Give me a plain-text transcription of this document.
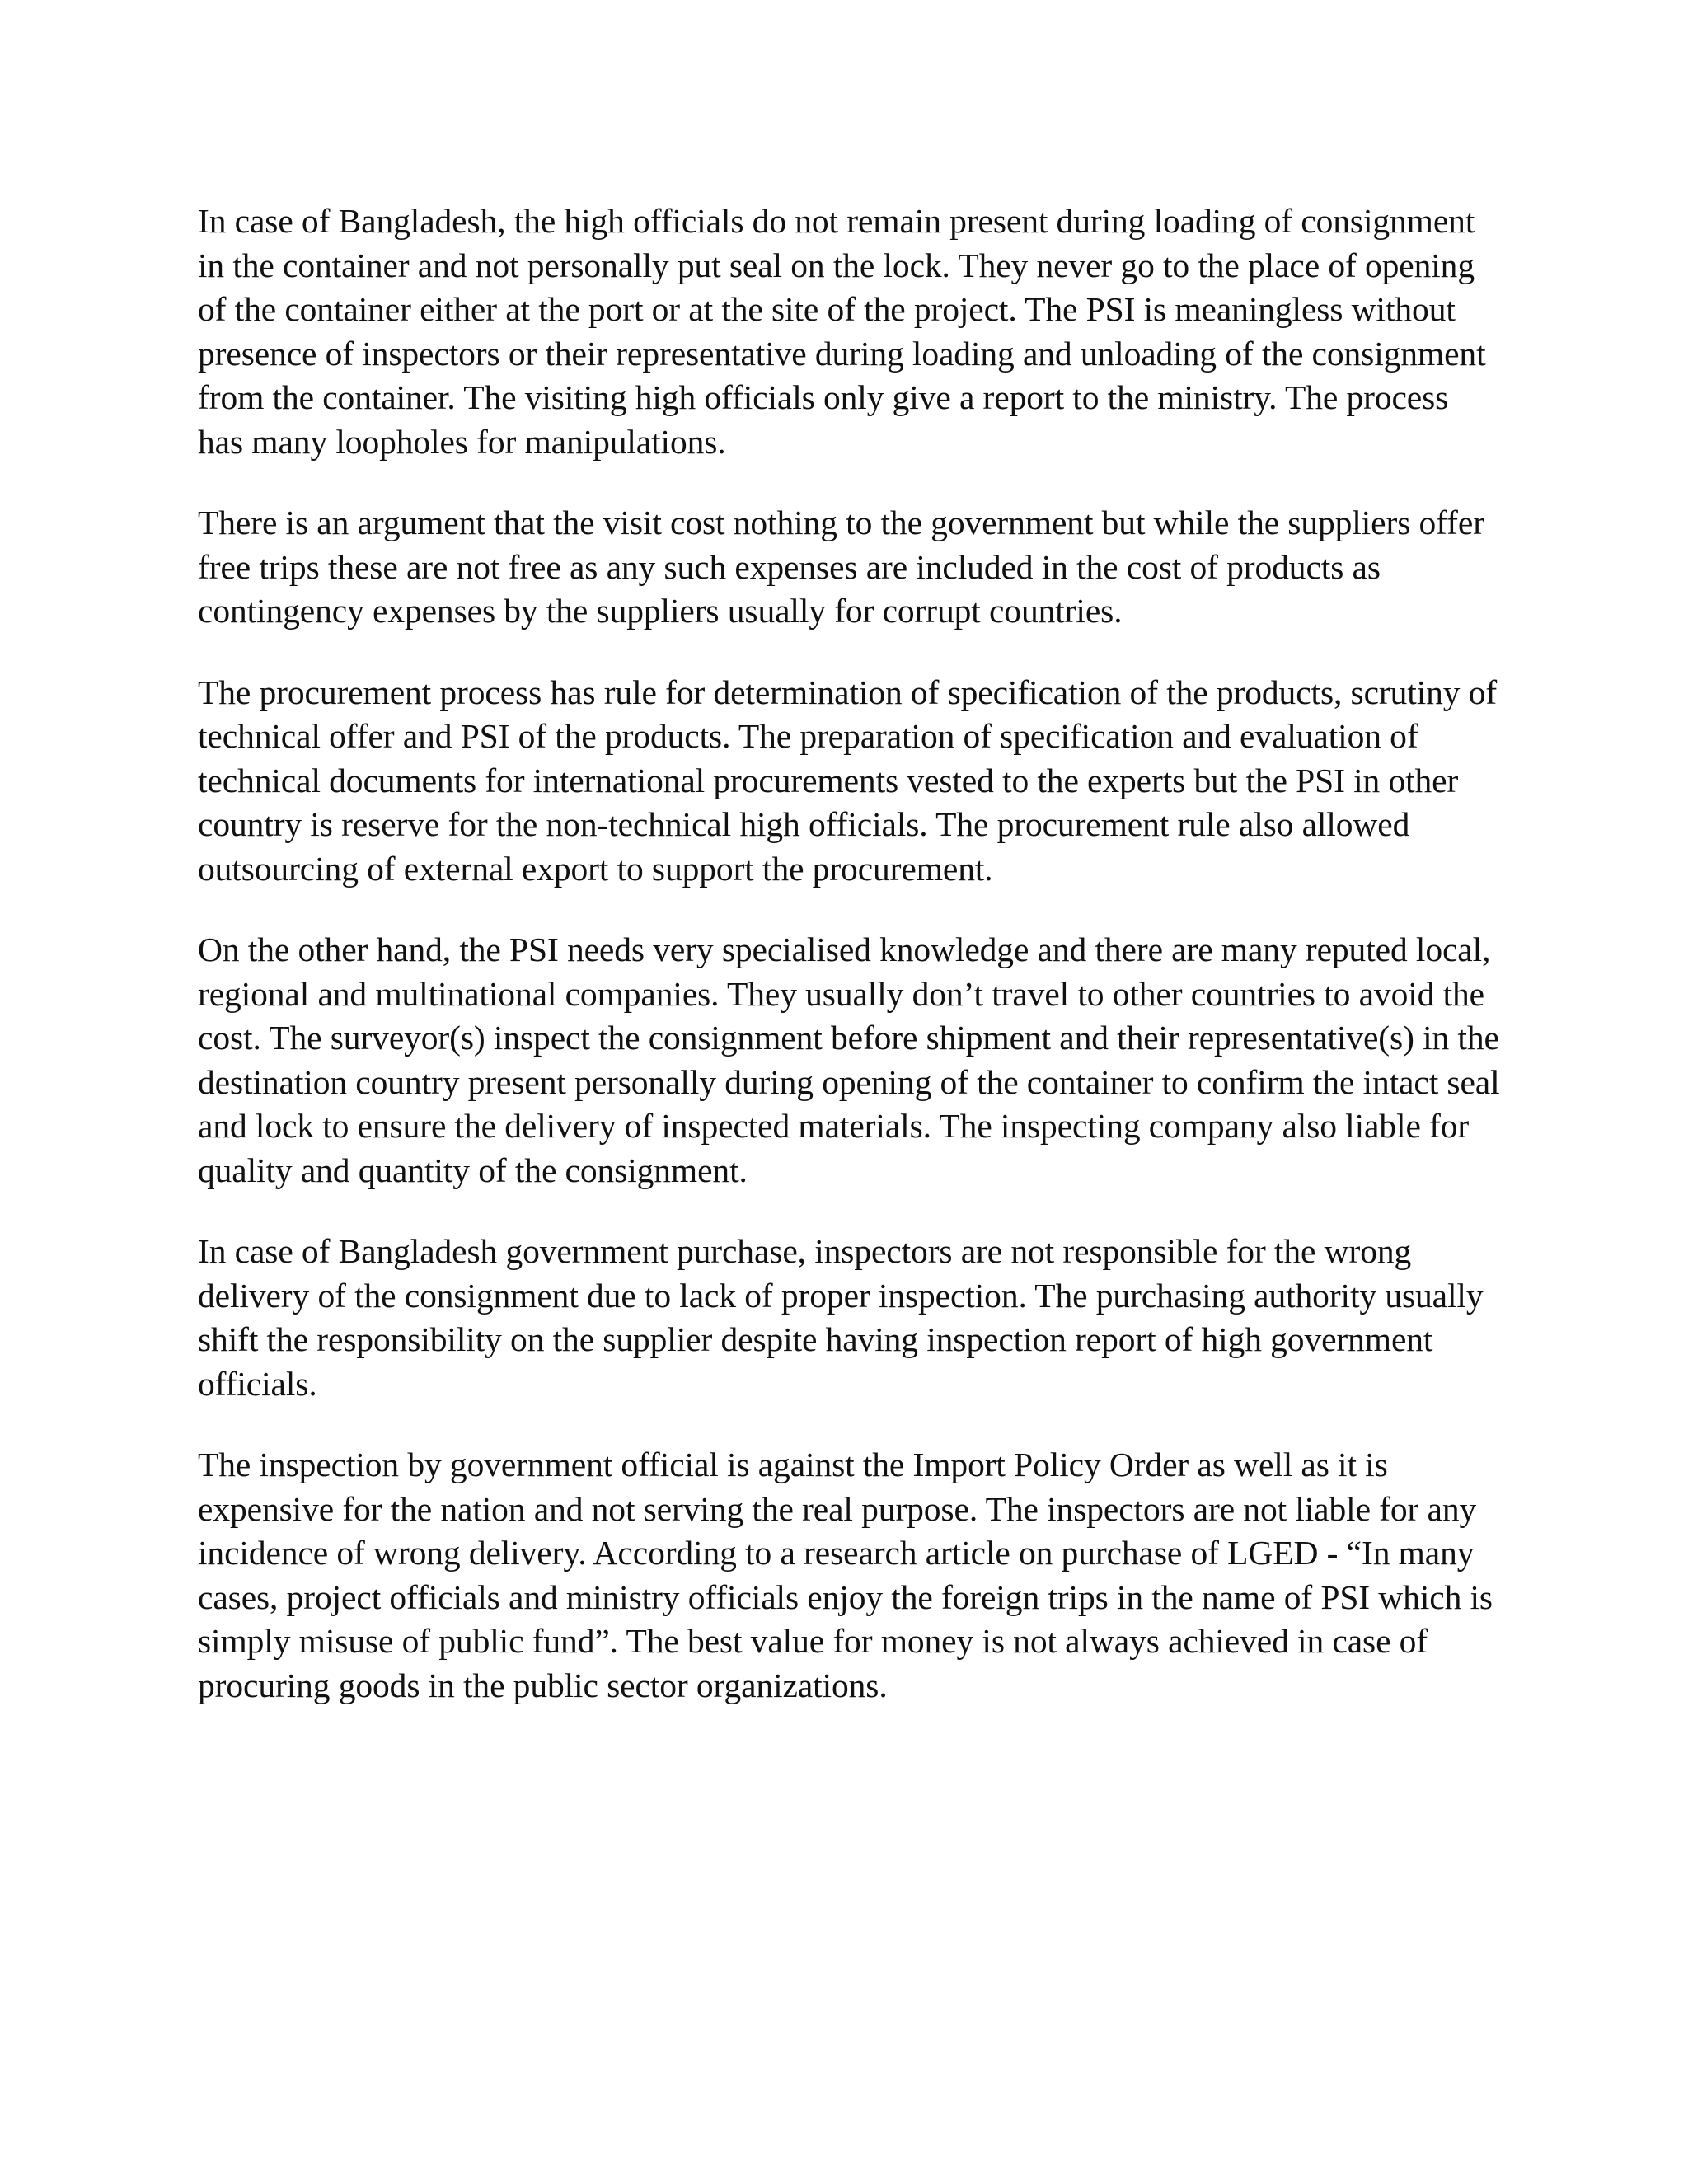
In case of Bangladesh, the high officials do not remain present during loading of consignment in the container and not personally put seal on the lock. They never go to the place of opening of the container either at the port or at the site of the project. The PSI is meaningless without presence of inspectors or their representative during loading and unloading of the consignment from the container. The visiting high officials only give a report to the ministry. The process has many loopholes for manipulations.

There is an argument that the visit cost nothing to the government but while the suppliers offer free trips these are not free as any such expenses are included in the cost of products as contingency expenses by the suppliers usually for corrupt countries.

The procurement process has rule for determination of specification of the products, scrutiny of technical offer and PSI of the products. The preparation of specification and evaluation of technical documents for international procurements vested to the experts but the PSI in other country is reserve for the non-technical high officials. The procurement rule also allowed outsourcing of external export to support the procurement.

On the other hand, the PSI needs very specialised knowledge and there are many reputed local, regional and multinational companies. They usually don’t travel to other countries to avoid the cost. The surveyor(s) inspect the consignment before shipment and their representative(s) in the destination country present personally during opening of the container to confirm the intact seal and lock to ensure the delivery of inspected materials. The inspecting company also liable for quality and quantity of the consignment.

In case of Bangladesh government purchase, inspectors are not responsible for the wrong delivery of the consignment due to lack of proper inspection. The purchasing authority usually shift the responsibility on the supplier despite having inspection report of high government officials.

The inspection by government official is against the Import Policy Order as well as it is expensive for the nation and not serving the real purpose. The inspectors are not liable for any incidence of wrong delivery. According to a research article on purchase of LGED - “In many cases, project officials and ministry officials enjoy the foreign trips in the name of PSI which is simply misuse of public fund”. The best value for money is not always achieved in case of procuring goods in the public sector organizations.
